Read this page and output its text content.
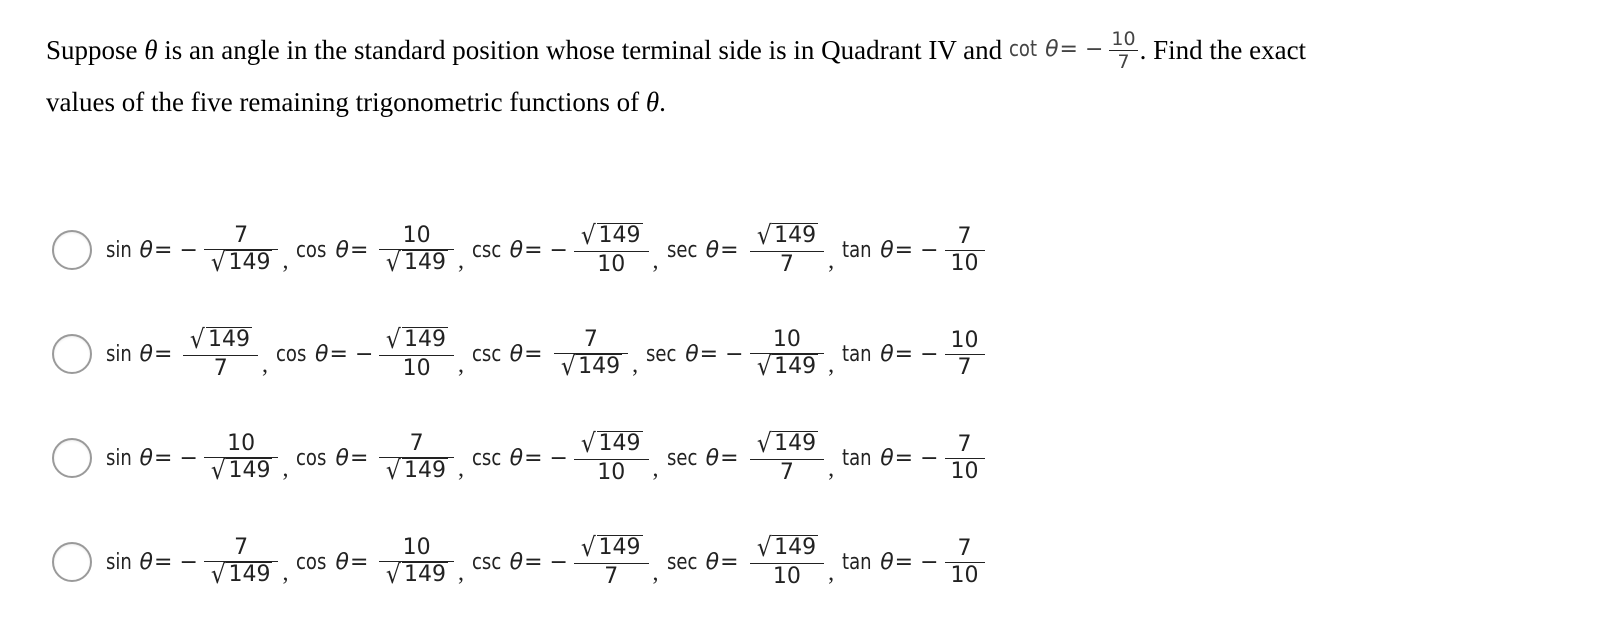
Suppose θ is an angle in the standard position whose terminal side is in Quadrant IV and cot θ = − $\frac{10}{7}$ . Find the exact
values of the five remaining trigonometric functions of θ .
sin θ = − $\frac{7}{√ 149}$ , $\cos \theta = \frac{10}{√ 149}$ , csc θ = − $\frac{√ 149}{10}$ , $\sec \theta = \frac{√ 149}{7}$ , tan θ = − $\frac{7}{10}$
$\sin \theta = \frac{√ 149}{7}$ , cos θ = − $\frac{√ 149}{10}$ , $\csc \theta = \frac{7}{√ 149}$ , sec θ = − $\frac{10}{√ 149}$ , tan θ = − $\frac{10}{7}$
sin θ = − $\frac{10}{√ 149}$ , $\cos \theta = \frac{7}{√ 149}$ , csc θ = − $\frac{√ 149}{10}$ , $\sec \theta = \frac{√ 149}{7}$ , tan θ = − $\frac{7}{10}$
sin θ = − $\frac{7}{√ 149}$ , $\cos \theta = \frac{10}{√ 149}$ , csc θ = − $\frac{√ 149}{7}$ , $\sec \theta = \frac{√ 149}{10}$ , tan θ = − $\frac{7}{10}$
